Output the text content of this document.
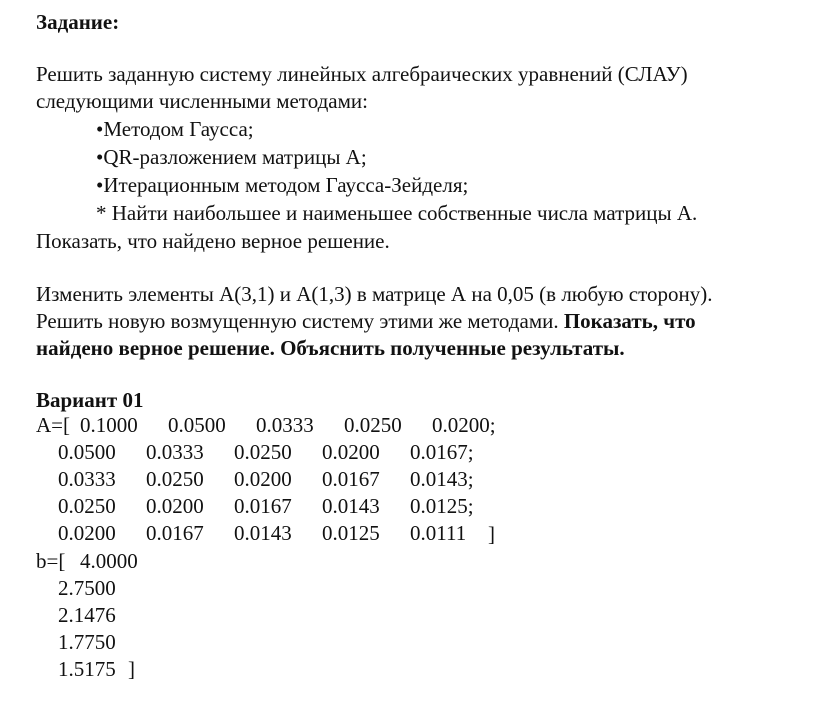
Задание:
Решить заданную систему линейных алгебраических уравнений (СЛАУ)
следующими численными методами:
•Методом Гаусса;
•QR-разложением матрицы А;
•Итерационным методом Гаусса-Зейделя;
* Найти наибольшее и наименьшее собственные числа матрицы А.
Показать, что найдено верное решение.
Изменить элементы А(3,1) и А(1,3) в матрице А на 0,05 (в любую сторону).
Решить новую возмущенную систему этими же методами. Показать, что
найдено верное решение. Объяснить полученные результаты.
Вариант 01
A=[ 0.1000 0.0500 0.0333 0.0250 0.0200;
0.0500 0.0333 0.0250 0.0200 0.0167;
0.0333 0.0250 0.0200 0.0167 0.0143;
0.0250 0.0200 0.0167 0.0143 0.0125;
0.0200 0.0167 0.0143 0.0125 0.0111 ]
b=[ 4.0000
2.7500
2.1476
1.7750
1.5175 ]
